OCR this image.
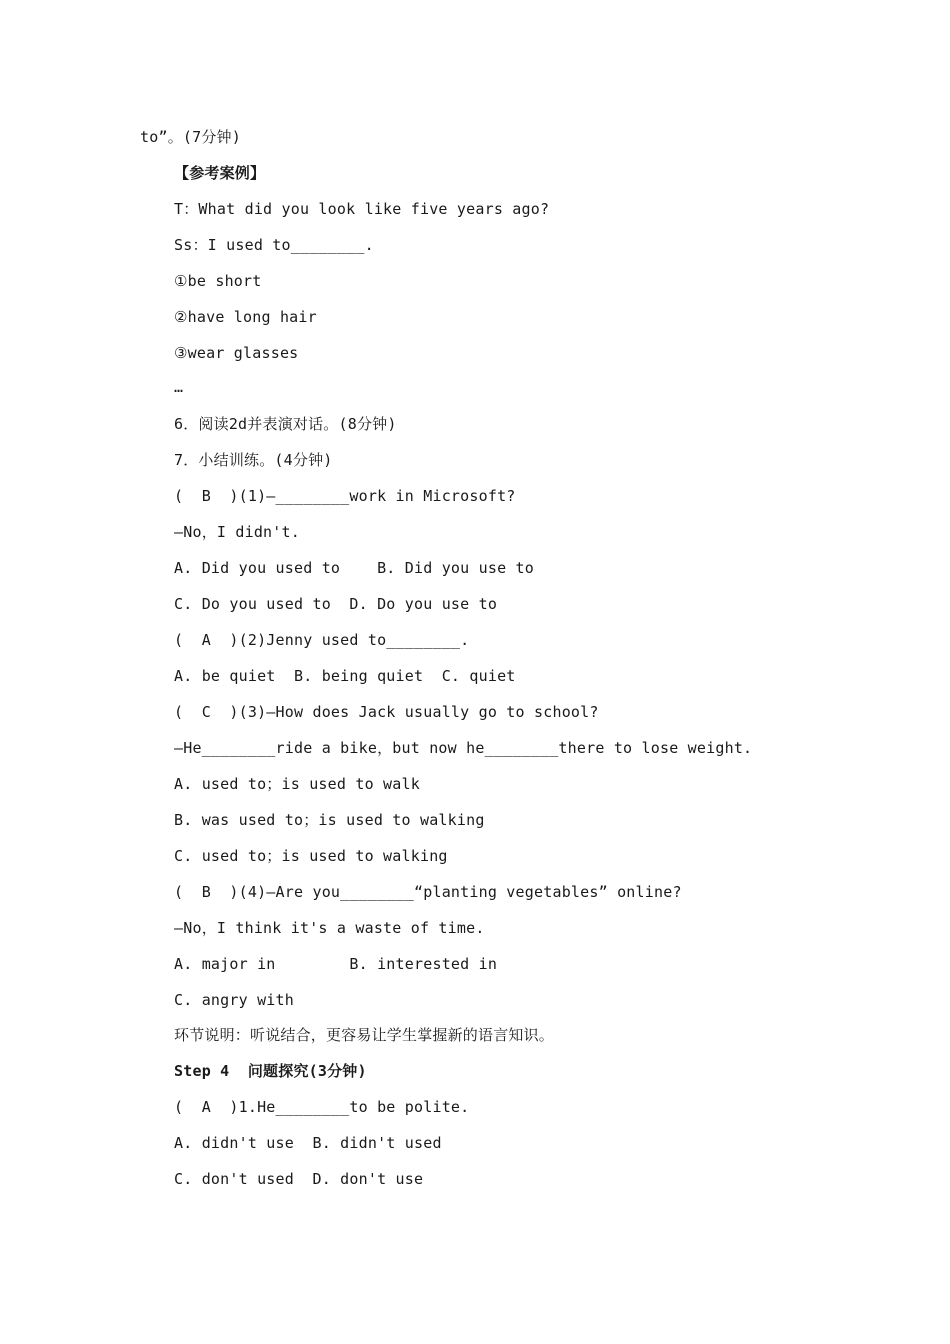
to”。(7分钟)
【参考案例】
T：What did you look like five years ago?
Ss：I used to________.
①be short
②have long hair
③wear glasses
…
6．阅读2d并表演对话。(8分钟)
7．小结训练。(4分钟)
(  B  )(1)—________work in Microsoft?
—No，I didn't.
A. Did you used to    B. Did you use to
C. Do you used to  D. Do you use to
(  A  )(2)Jenny used to________.
A. be quiet  B. being quiet  C. quiet
(  C  )(3)—How does Jack usually go to school?
—He________ride a bike，but now he________there to lose weight.
A. used to；is used to walk
B. was used to；is used to walking
C. used to；is used to walking
(  B  )(4)—Are you________“planting vegetables” online?
—No，I think it's a waste of time.
A. major in        B. interested in
C. angry with
环节说明：听说结合，更容易让学生掌握新的语言知识。
Step 4  问题探究(3分钟)
(  A  )1.He________to be polite.
A. didn't use  B. didn't used
C. don't used  D. don't use
